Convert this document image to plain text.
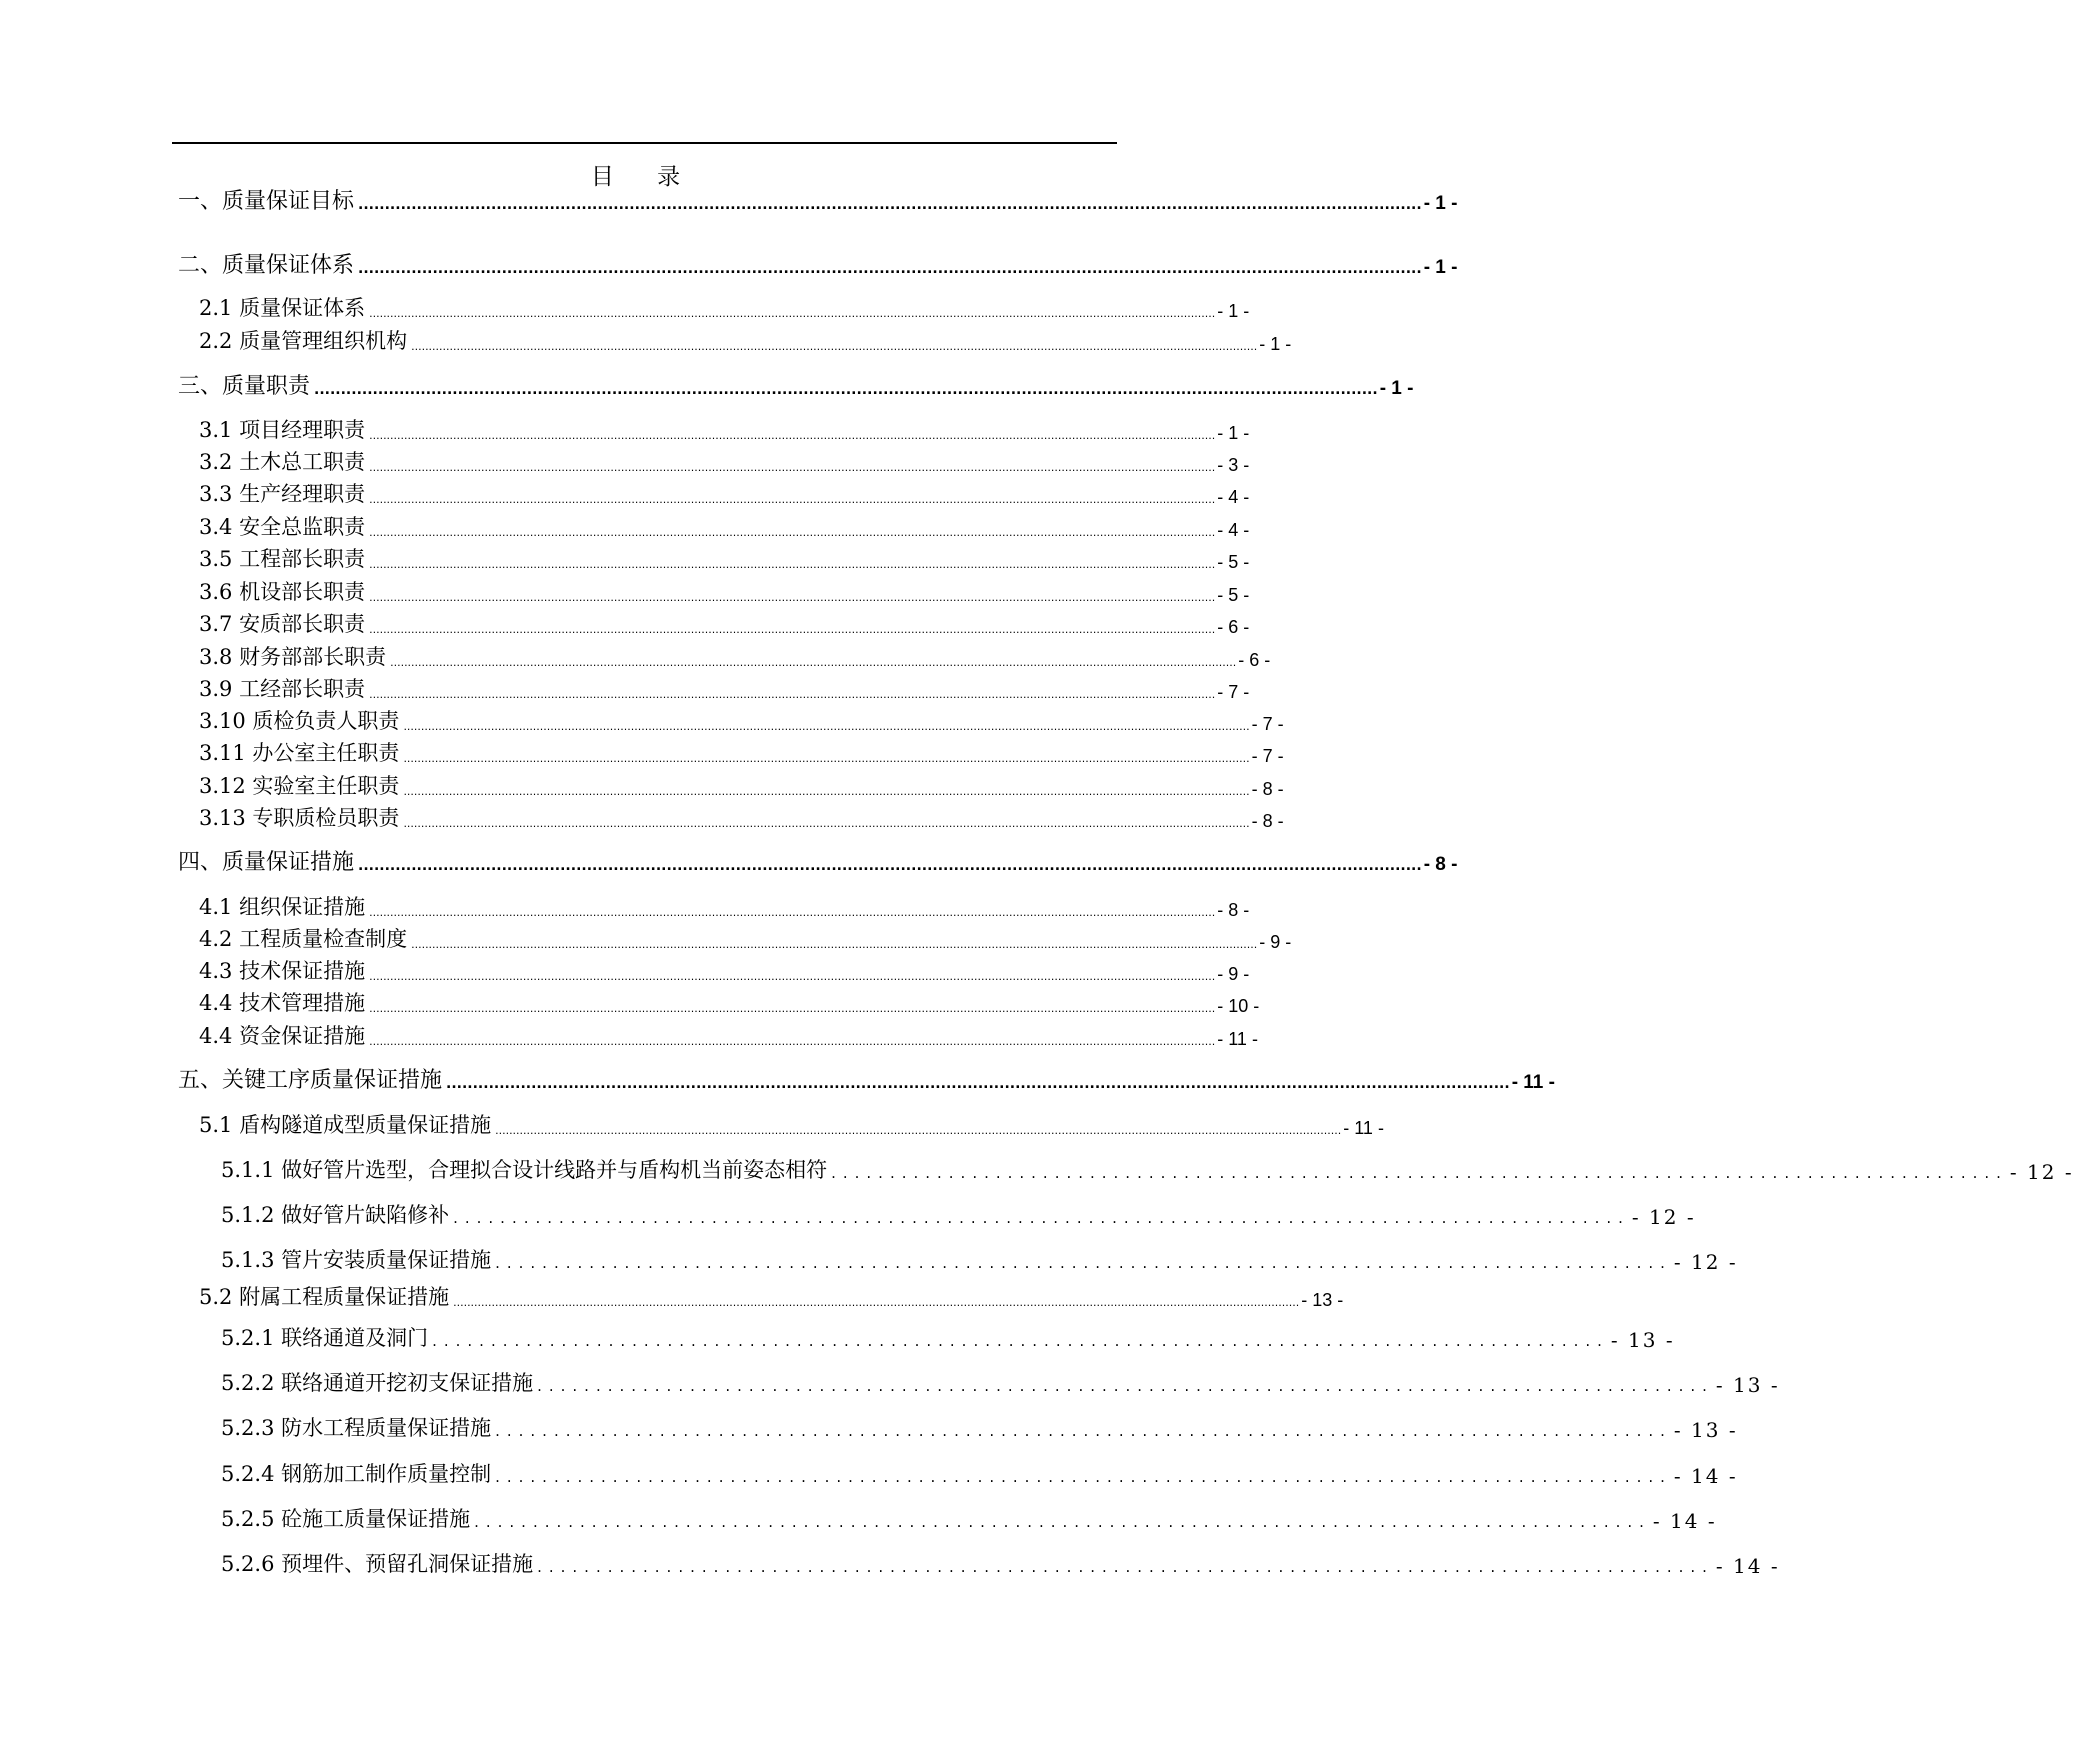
目 录
一、质量保证目标 ........................................................................................................................................................................................................ - 1 -
二、质量保证体系 ........................................................................................................................................................................................................ - 1 -
2.1 质量保证体系 .................................................................................................................................................................................................................................................. - 1 -
2.2 质量管理组织机构 .................................................................................................................................................................................................................................................. - 1 -
三、质量职责 ........................................................................................................................................................................................................ - 1 -
3.1 项目经理职责 .................................................................................................................................................................................................................................................. - 1 -
3.2 土木总工职责 .................................................................................................................................................................................................................................................. - 3 -
3.3 生产经理职责 .................................................................................................................................................................................................................................................. - 4 -
3.4 安全总监职责 .................................................................................................................................................................................................................................................. - 4 -
3.5 工程部长职责 .................................................................................................................................................................................................................................................. - 5 -
3.6 机设部长职责 .................................................................................................................................................................................................................................................. - 5 -
3.7 安质部长职责 .................................................................................................................................................................................................................................................. - 6 -
3.8 财务部部长职责 .................................................................................................................................................................................................................................................. - 6 -
3.9 工经部长职责 .................................................................................................................................................................................................................................................. - 7 -
3.10 质检负责人职责 .................................................................................................................................................................................................................................................. - 7 -
3.11 办公室主任职责 .................................................................................................................................................................................................................................................. - 7 -
3.12 实验室主任职责 .................................................................................................................................................................................................................................................. - 8 -
3.13 专职质检员职责 .................................................................................................................................................................................................................................................. - 8 -
四、质量保证措施 ........................................................................................................................................................................................................ - 8 -
4.1 组织保证措施 .................................................................................................................................................................................................................................................. - 8 -
4.2 工程质量检查制度 .................................................................................................................................................................................................................................................. - 9 -
4.3 技术保证措施 .................................................................................................................................................................................................................................................. - 9 -
4.4 技术管理措施 .................................................................................................................................................................................................................................................. - 10 -
4.4 资金保证措施 .................................................................................................................................................................................................................................................. - 11 -
五、关键工序质量保证措施 ........................................................................................................................................................................................................ - 11 -
5.1 盾构隧道成型质量保证措施 .................................................................................................................................................................................................................................................. - 11 -
5.1.1 做好管片选型，合理拟合设计线路并与盾构机当前姿态相符 .................................................................................................... - 12 -
5.1.2 做好管片缺陷修补 .................................................................................................... - 12 -
5.1.3 管片安装质量保证措施 .................................................................................................... - 12 -
5.2 附属工程质量保证措施 .................................................................................................................................................................................................................................................. - 13 -
5.2.1 联络通道及洞门 .................................................................................................... - 13 -
5.2.2 联络通道开挖初支保证措施 .................................................................................................... - 13 -
5.2.3 防水工程质量保证措施 .................................................................................................... - 13 -
5.2.4 钢筋加工制作质量控制 .................................................................................................... - 14 -
5.2.5 砼施工质量保证措施 .................................................................................................... - 14 -
5.2.6 预埋件、预留孔洞保证措施 .................................................................................................... - 14 -
